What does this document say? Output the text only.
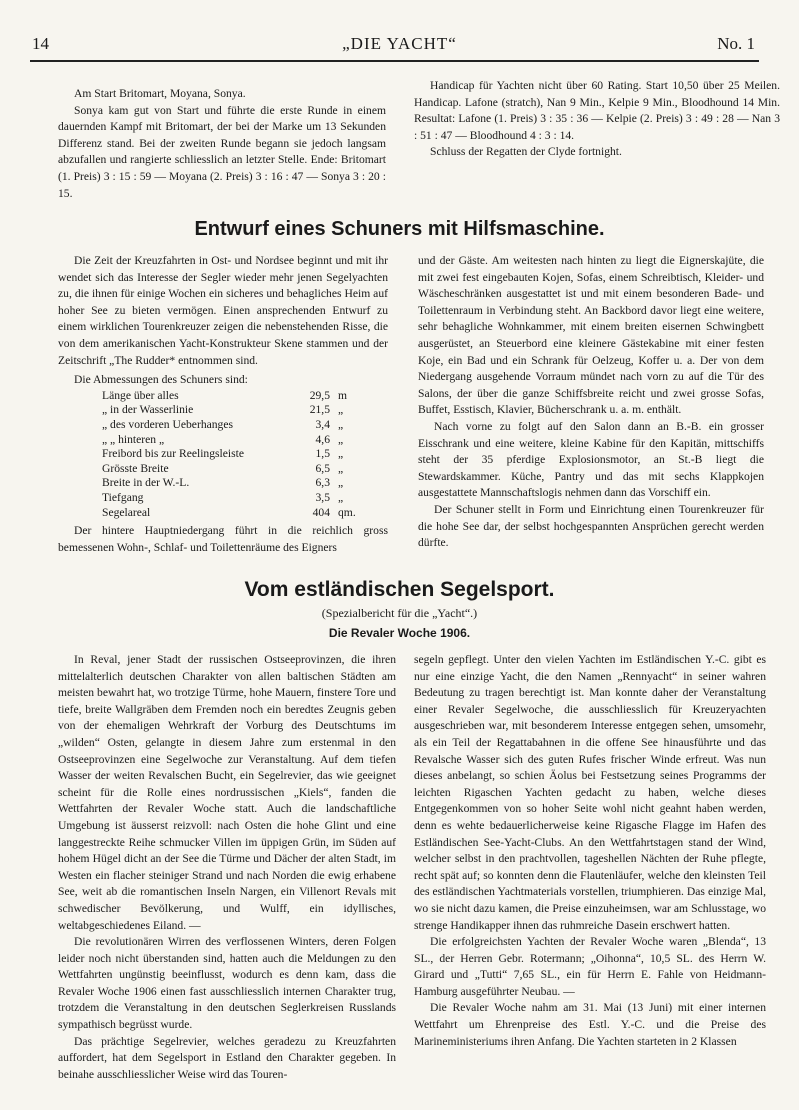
14	„DIE YACHT“	No. 1

Am Start Britomart, Moyana, Sonya.

Sonya kam gut von Start und führte die erste Runde in einem dauernden Kampf mit Britomart, der bei der Marke um 13 Sekunden Differenz stand. Bei der zweiten Runde begann sie jedoch langsam abzufallen und rangierte schliesslich an letzter Stelle. Ende: Britomart (1. Preis) 3 : 15 : 59 — Moyana (2. Preis) 3 : 16 : 47 — Sonya 3 : 20 : 15.

Handicap für Yachten nicht über 60 Rating. Start 10,50 über 25 Meilen. Handicap. Lafone (stratch), Nan 9 Min., Kelpie 9 Min., Bloodhound 14 Min. Resultat: Lafone (1. Preis) 3 : 35 : 36 — Kelpie (2. Preis) 3 : 49 : 28 — Nan 3 : 51 : 47 — Bloodhound 4 : 3 : 14.

Schluss der Regatten der Clyde fortnight.

Entwurf eines Schuners mit Hilfsmaschine.

Die Zeit der Kreuzfahrten in Ost- und Nordsee beginnt und mit ihr wendet sich das Interesse der Segler wieder mehr jenen Segelyachten zu, die ihnen für einige Wochen ein sicheres und behagliches Heim auf hoher See zu bieten vermögen. Einen ansprechenden Entwurf zu einem wirklichen Tourenkreuzer zeigen die nebenstehenden Risse, die von dem amerikanischen Yacht-Konstrukteur Skene stammen und der Zeitschrift „The Rudder* entnommen sind.

Die Abmessungen des Schuners sind:

Länge über alles	29,5	m
„ in der Wasserlinie	21,5	„
„ des vorderen Ueberhanges	3,4	„
„ „ hinteren „	4,6	„
Freibord bis zur Reelingsleiste	1,5	„
Grösste Breite	6,5	„
Breite in der W.-L.	6,3	„
Tiefgang	3,5	„
Segelareal	404	qm.

Der hintere Hauptniedergang führt in die reichlich gross bemessenen Wohn-, Schlaf- und Toilettenräume des Eigners

und der Gäste. Am weitesten nach hinten zu liegt die Eignerskajüte, die mit zwei fest eingebauten Kojen, Sofas, einem Schreibtisch, Kleider- und Wäscheschränken ausgestattet ist und mit einem besonderen Bade- und Toilettenraum in Verbindung steht. An Backbord davor liegt eine weitere, sehr behagliche Wohnkammer, mit einem breiten eisernen Schwingbett ausgerüstet, an Steuerbord eine kleinere Gästekabine mit einer festen Koje, ein Bad und ein Schrank für Oelzeug, Koffer u. a. Der von dem Niedergang ausgehende Vorraum mündet nach vorn zu auf die Tür des Salons, der über die ganze Schiffsbreite reicht und zwei grosse Sofas, Buffet, Esstisch, Klavier, Bücherschrank u. a. m. enthält.

Nach vorne zu folgt auf den Salon dann an B.-B. ein grosser Eisschrank und eine weitere, kleine Kabine für den Kapitän, mittschiffs steht der 35 pferdige Explosionsmotor, an St.-B liegt die Stewardskammer. Küche, Pantry und das mit sechs Klappkojen ausgestattete Mannschaftslogis nehmen dann das Vorschiff ein.

Der Schuner stellt in Form und Einrichtung einen Tourenkreuzer für die hohe See dar, der selbst hochgespannten Ansprüchen gerecht werden dürfte.

Vom estländischen Segelsport.
(Spezialbericht für die „Yacht“.)
Die Revaler Woche 1906.

In Reval, jener Stadt der russischen Ostseeprovinzen, die ihren mittelalterlich deutschen Charakter von allen baltischen Städten am meisten bewahrt hat, wo trotzige Türme, hohe Mauern, finstere Tore und tiefe, breite Wallgräben dem Fremden noch ein beredtes Zeugnis geben von der ehemaligen Wehrkraft der Vorburg des Deutschtums im „wilden“ Osten, gelangte in diesem Jahre zum erstenmal in den Ostseeprovinzen eine Segelwoche zur Veranstaltung. Auf dem tiefen Wasser der weiten Revalschen Bucht, ein Segelrevier, das wie geeignet scheint für die Rolle eines nordrussischen „Kiels“, fanden die Wettfahrten der Revaler Woche statt. Auch die landschaftliche Umgebung ist äusserst reizvoll: nach Osten die hohe Glint und eine langgestreckte Reihe schmucker Villen im üppigen Grün, im Süden auf hohem Hügel dicht an der See die Türme und Dächer der alten Stadt, im Westen ein flacher steiniger Strand und nach Norden die ewig erhabene See, weit ab die romantischen Inseln Nargen, ein Villenort Revals mit schwedischer Bevölkerung, und Wulff, ein idyllisches, weltabgeschiedenes Eiland. —

Die revolutionären Wirren des verflossenen Winters, deren Folgen leider noch nicht überstanden sind, hatten auch die Meldungen zu den Wettfahrten ungünstig beeinflusst, wodurch es denn kam, dass die Revaler Woche 1906 einen fast ausschliesslich internen Charakter trug, trotzdem die Veranstaltung in den deutschen Seglerkreisen Russlands sympathisch begrüsst wurde.

Das prächtige Segelrevier, welches geradezu zu Kreuzfahrten auffordert, hat dem Segelsport in Estland den Charakter gegeben. In beinahe ausschliesslicher Weise wird das Touren-

segeln gepflegt. Unter den vielen Yachten im Estländischen Y.-C. gibt es nur eine einzige Yacht, die den Namen „Rennyacht“ in seiner wahren Bedeutung zu tragen berechtigt ist. Man konnte daher der Veranstaltung einer Revaler Segelwoche, die ausschliesslich für Kreuzeryachten ausgeschrieben war, mit besonderem Interesse entgegen sehen, umsomehr, als ein Teil der Regattabahnen in die offene See hinausführte und das Revalsche Wasser sich des guten Rufes frischer Winde erfreut. Was nun dieses anbelangt, so schien Äolus bei Festsetzung seines Programms der leichten Rigaschen Yachten gedacht zu haben, welche dieses Entgegenkommen von so hoher Seite wohl nicht geahnt haben werden, denn es wehte bedauerlicherweise keine Rigasche Flagge im Hafen des Estländischen See-Yacht-Clubs. An den Wettfahrtstagen stand der Wind, welcher selbst in den prachtvollen, tageshellen Nächten der Ruhe pflegte, recht spät auf; so konnten denn die Flautenläufer, welche den kleinsten Teil des estländischen Yachtmaterials vorstellen, triumphieren. Das einzige Mal, wo sie nicht dazu kamen, die Preise einzuheimsen, war am Schlusstage, wo strenge Handikapper ihnen das ruhmreiche Dasein erschwert hatten.

Die erfolgreichsten Yachten der Revaler Woche waren „Blenda“, 13 SL., der Herren Gebr. Rotermann; „Oihonna“, 10,5 SL. des Herrn W. Girard und „Tutti“ 7,65 SL., ein für Herrn E. Fahle von Heidmann-Hamburg ausgeführter Neubau. —

Die Revaler Woche nahm am 31. Mai (13 Juni) mit einer internen Wettfahrt um Ehrenpreise des Estl. Y.-C. und die Preise des Marineministeriums ihren Anfang. Die Yachten starteten in 2 Klassen
